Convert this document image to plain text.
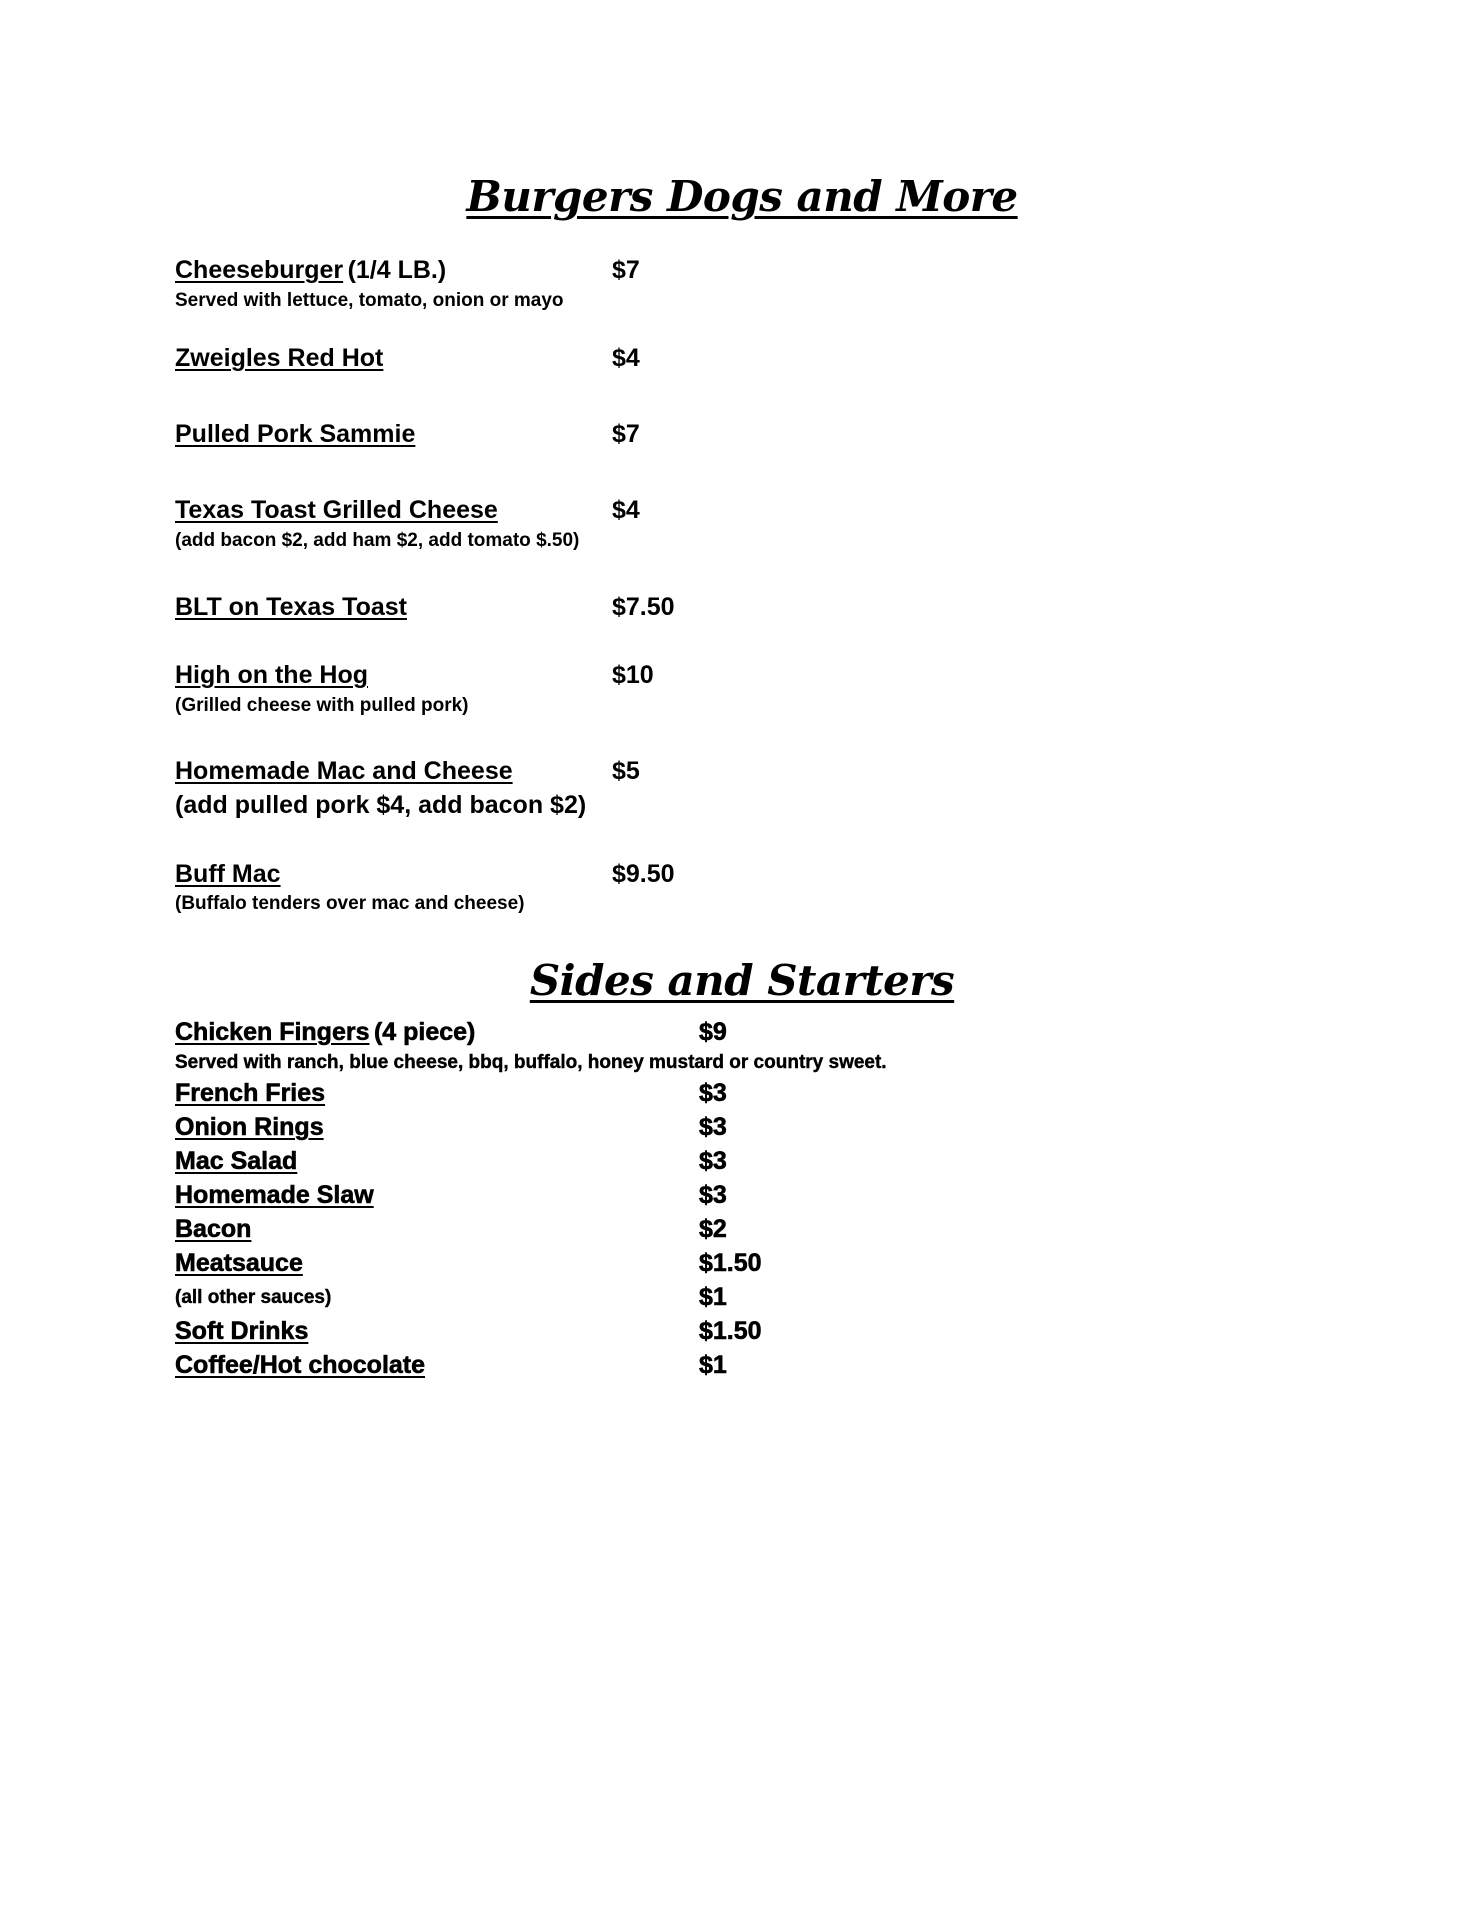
Burgers Dogs and More
Cheeseburger (1/4 LB.)	$7
Served with lettuce, tomato, onion or mayo
Zweigles Red Hot	$4
Pulled Pork Sammie	$7
Texas Toast Grilled Cheese	$4
(add bacon $2, add ham $2, add tomato $.50)
BLT on Texas Toast	$7.50
High on the Hog	$10
(Grilled cheese with pulled pork)
Homemade Mac and Cheese	$5
(add pulled pork $4, add bacon $2)
Buff Mac	$9.50
(Buffalo tenders over mac and cheese)
Sides and Starters
Chicken Fingers (4 piece)	$9
Served with ranch, blue cheese, bbq, buffalo, honey mustard or country sweet.
French Fries	$3
Onion Rings	$3
Mac Salad	$3
Homemade Slaw	$3
Bacon	$2
Meatsauce	$1.50
(all other sauces)	$1
Soft Drinks	$1.50
Coffee/Hot chocolate	$1
